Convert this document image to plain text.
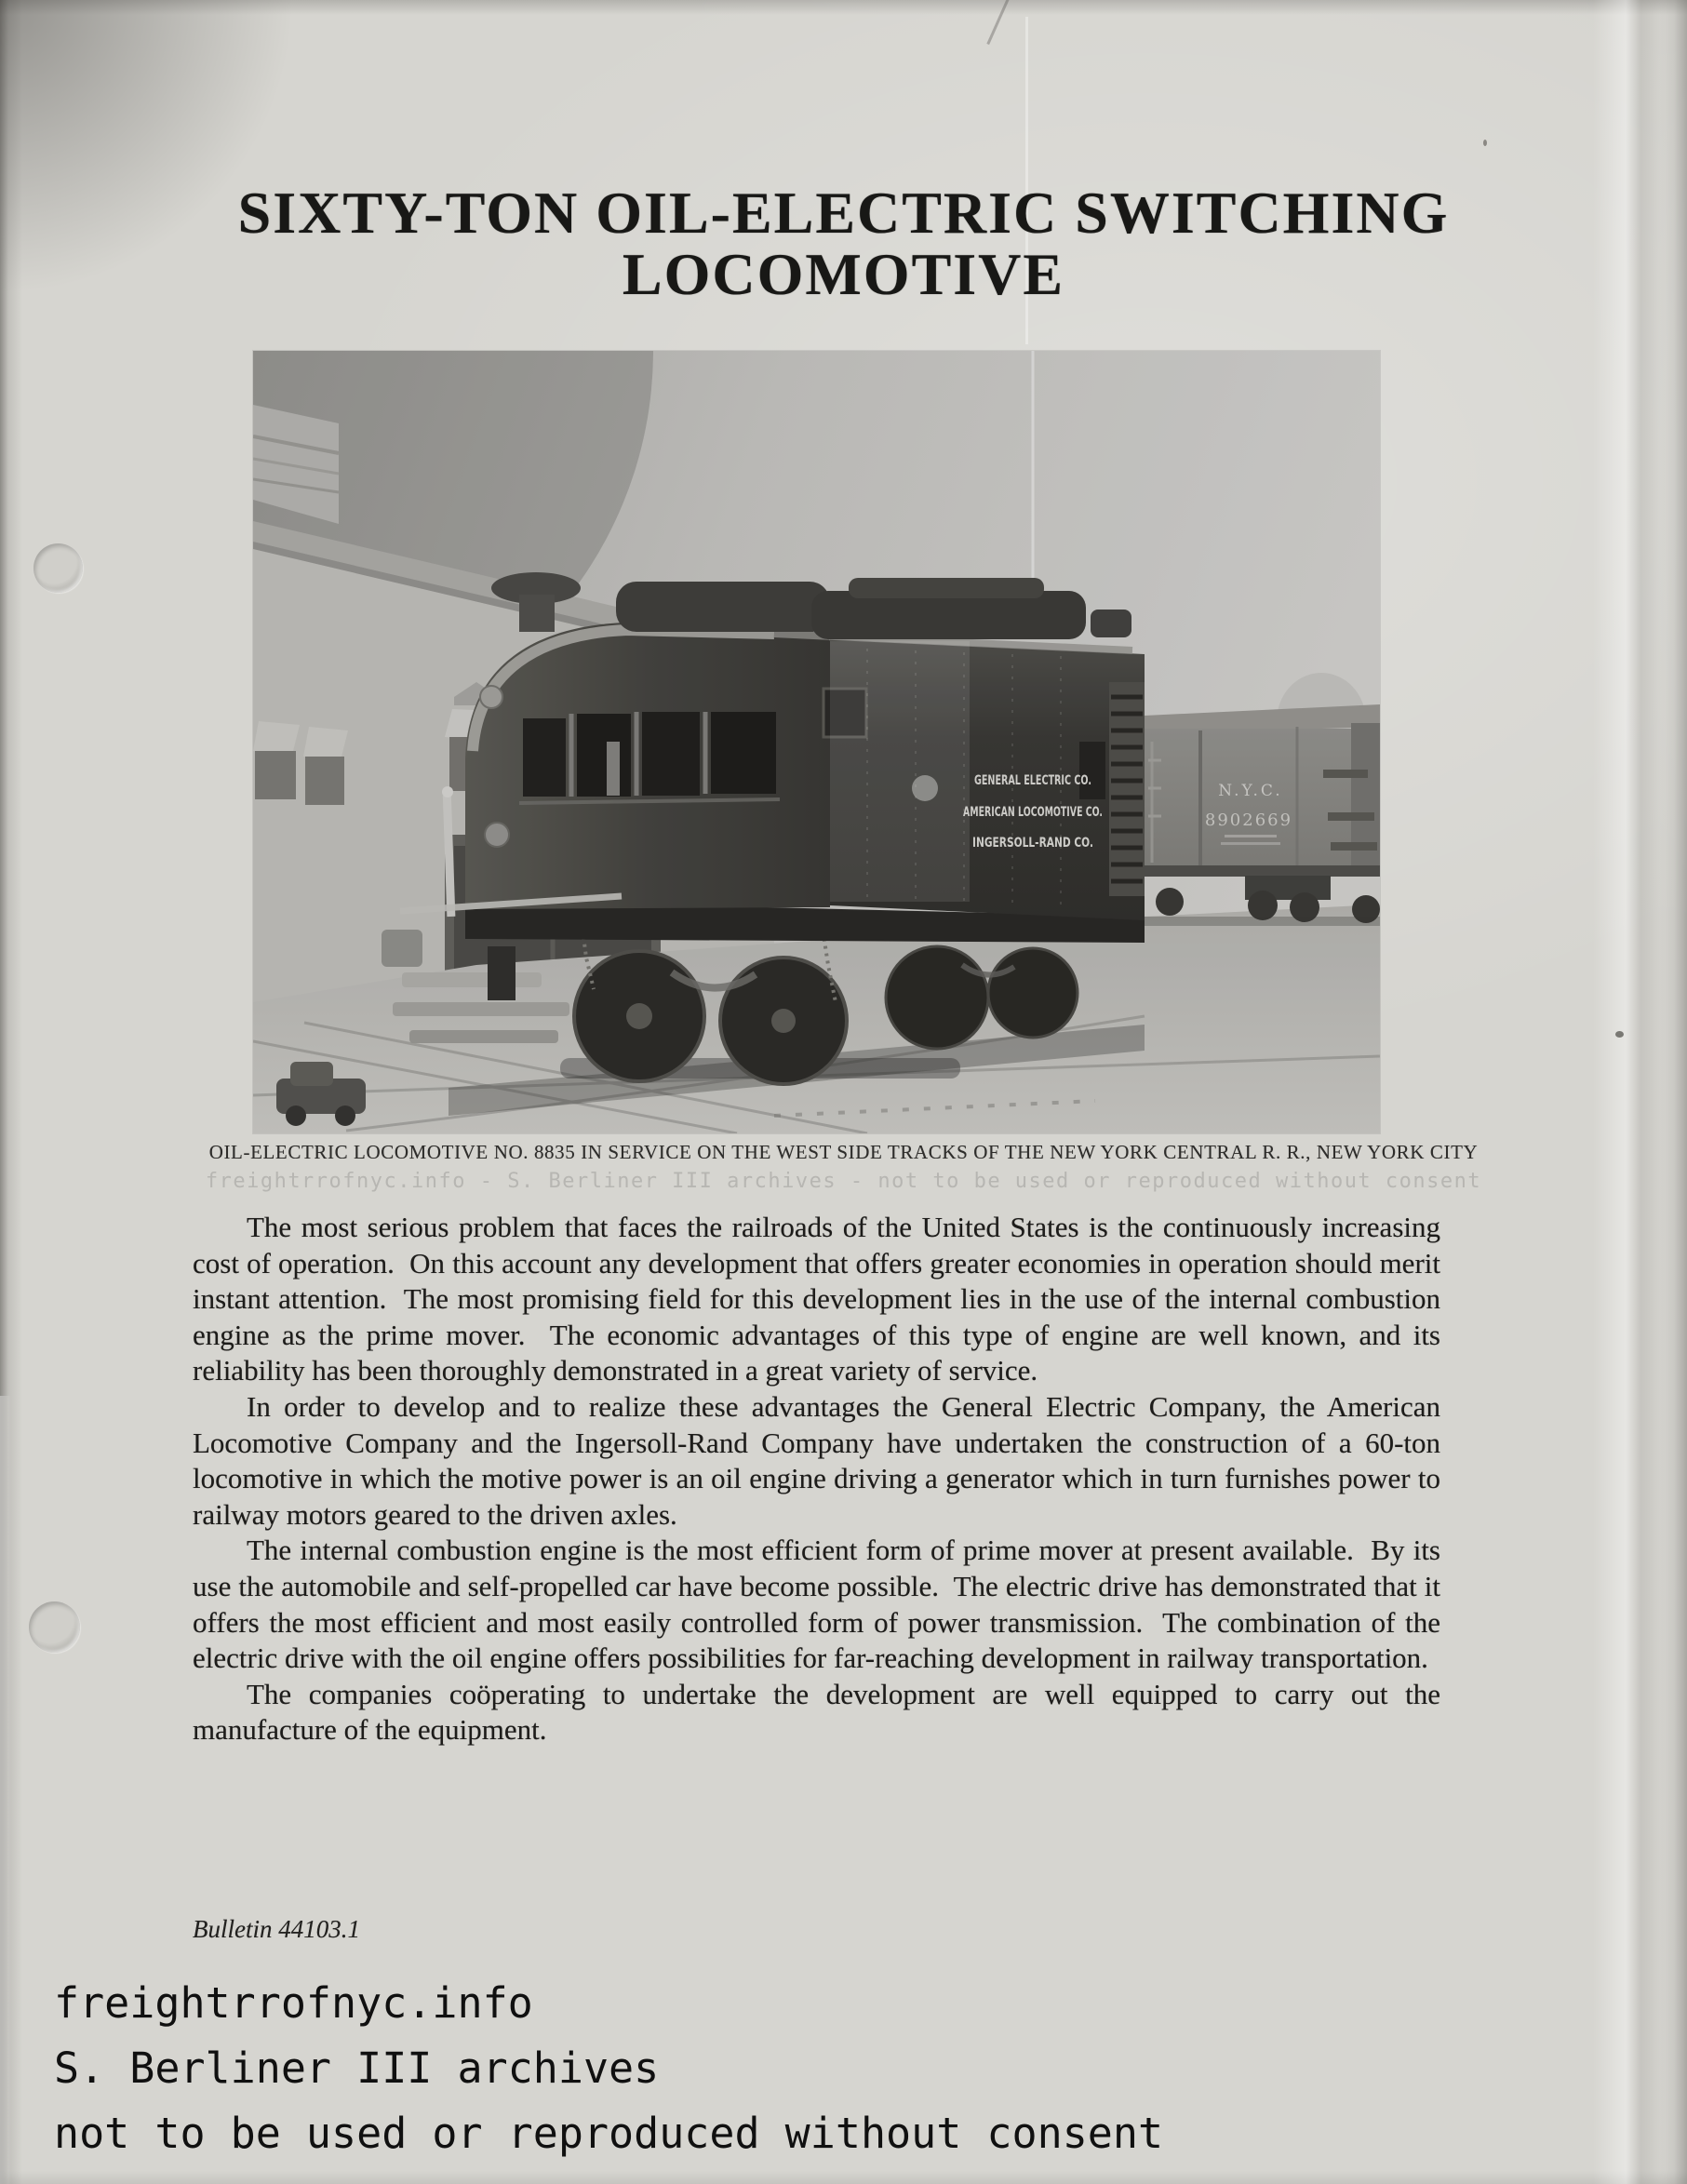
SIXTY-TON OIL-ELECTRIC SWITCHING
LOCOMOTIVE
OIL-ELECTRIC LOCOMOTIVE NO. 8835 IN SERVICE ON THE WEST SIDE TRACKS OF THE NEW YORK CENTRAL R. R., NEW YORK CITY
freightrrofnyc.info - S. Berliner III archives - not to be used or reproduced without consent

The most serious problem that faces the railroads of the United States is the continuously increasing cost of operation.  On this account any development that offers greater economies in operation should merit instant attention.  The most promising field for this development lies in the use of the internal combustion engine as the prime mover.  The economic advantages of this type of engine are well known, and its reliability has been thoroughly demonstrated in a great variety of service.

In order to develop and to realize these advantages the General Electric Company, the American Locomotive Company and the Ingersoll-Rand Company have undertaken the construction of a 60-ton locomotive in which the motive power is an oil engine driving a generator which in turn furnishes power to railway motors geared to the driven axles.

The internal combustion engine is the most efficient form of prime mover at present available.  By its use the automobile and self-propelled car have become possible.  The electric drive has demonstrated that it offers the most efficient and most easily controlled form of power transmission.  The combination of the electric drive with the oil engine offers possibilities for far-reaching development in railway transportation.

The companies coöperating to undertake the development are well equipped to carry out the manufacture of the equipment.

Bulletin 44103.1
freightrrofnyc.info
S. Berliner III archives
not to be used or reproduced without consent
